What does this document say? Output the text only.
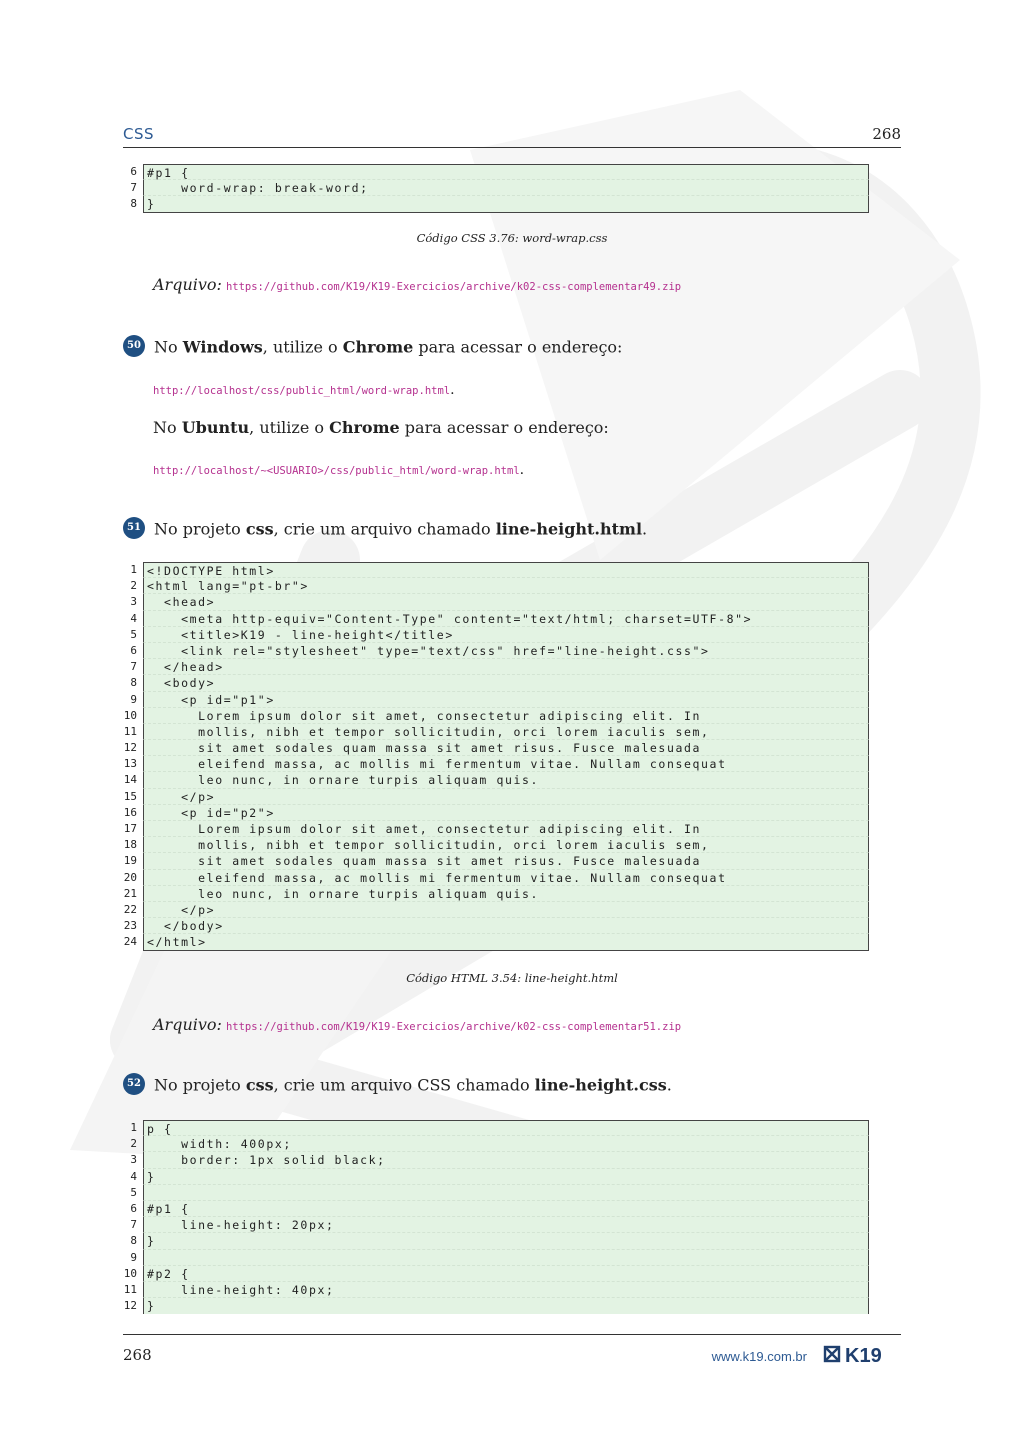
CSS	268
6 #p1 {
7 word-wrap: break-word;
8 }
Código CSS 3.76: word-wrap.css
Arquivo: https://github.com/K19/K19-Exercicios/archive/k02-css-complementar49.zip
50 No Windows, utilize o Chrome para acessar o endereço:
http://localhost/css/public_html/word-wrap.html.
No Ubuntu, utilize o Chrome para acessar o endereço:
http://localhost/~<USUARIO>/css/public_html/word-wrap.html.
51 No projeto css, crie um arquivo chamado line-height.html.
1 <!DOCTYPE html>
2 <html lang="pt-br">
3 <head>
4 <meta http-equiv="Content-Type" content="text/html; charset=UTF-8">
5 <title>K19 - line-height</title>
6 <link rel="stylesheet" type="text/css" href="line-height.css">
7 </head>
8 <body>
9 <p id="p1">
10 Lorem ipsum dolor sit amet, consectetur adipiscing elit. In
11 mollis, nibh et tempor sollicitudin, orci lorem iaculis sem,
12 sit amet sodales quam massa sit amet risus. Fusce malesuada
13 eleifend massa, ac mollis mi fermentum vitae. Nullam consequat
14 leo nunc, in ornare turpis aliquam quis.
15 </p>
16 <p id="p2">
17 Lorem ipsum dolor sit amet, consectetur adipiscing elit. In
18 mollis, nibh et tempor sollicitudin, orci lorem iaculis sem,
19 sit amet sodales quam massa sit amet risus. Fusce malesuada
20 eleifend massa, ac mollis mi fermentum vitae. Nullam consequat
21 leo nunc, in ornare turpis aliquam quis.
22 </p>
23 </body>
24 </html>
Código HTML 3.54: line-height.html
Arquivo: https://github.com/K19/K19-Exercicios/archive/k02-css-complementar51.zip
52 No projeto css, crie um arquivo CSS chamado line-height.css.
1 p {
2 width: 400px;
3 border: 1px solid black;
4 }
5
6 #p1 {
7 line-height: 20px;
8 }
9
10 #p2 {
11 line-height: 40px;
12 }
268	www.k19.com.br K19
